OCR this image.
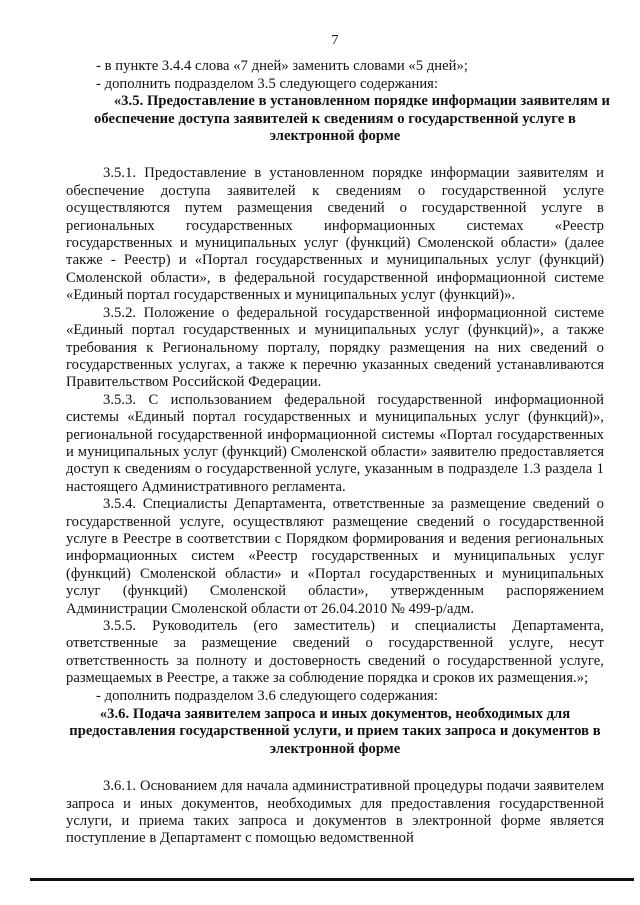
7

- в пункте 3.4.4 слова «7 дней» заменить словами «5 дней»;

- дополнить подразделом 3.5 следующего содержания:

«3.5. Предоставление в установленном порядке информации заявителям и

обеспечение доступа заявителей к сведениям о государственной услуге в

электронной форме

3.5.1. Предоставление в установленном порядке информации заявителям и обеспечение доступа заявителей к сведениям о государственной услуге осуществляются путем размещения сведений о государственной услуге в региональных государственных информационных системах «Реестр государственных и муниципальных услуг (функций) Смоленской области» (далее также - Реестр) и «Портал государственных и муниципальных услуг (функций) Смоленской области», в федеральной государственной информационной системе «Единый портал государственных и муниципальных услуг (функций)».

3.5.2. Положение о федеральной государственной информационной системе «Единый портал государственных и муниципальных услуг (функций)», а также требования к Региональному порталу, порядку размещения на них сведений о государственных услугах, а также к перечню указанных сведений устанавливаются Правительством Российской Федерации.

3.5.3. С использованием федеральной государственной информационной системы «Единый портал государственных и муниципальных услуг (функций)», региональной государственной информационной системы «Портал государственных и муниципальных услуг (функций) Смоленской области» заявителю предоставляется доступ к сведениям о государственной услуге, указанным в подразделе 1.3 раздела 1 настоящего Административного регламента.

3.5.4. Специалисты Департамента, ответственные за размещение сведений о государственной услуге, осуществляют размещение сведений о государственной услуге в Реестре в соответствии с Порядком формирования и ведения региональных информационных систем «Реестр государственных и муниципальных услуг (функций) Смоленской области» и «Портал государственных и муниципальных услуг (функций) Смоленской области», утвержденным распоряжением Администрации Смоленской области от 26.04.2010 № 499-р/адм.

3.5.5. Руководитель (его заместитель) и специалисты Департамента, ответственные за размещение сведений о государственной услуге, несут ответственность за полноту и достоверность сведений о государственной услуге, размещаемых в Реестре, а также за соблюдение порядка и сроков их размещения.»;

- дополнить подразделом 3.6 следующего содержания:

«3.6. Подача заявителем запроса и иных документов, необходимых для

предоставления государственной услуги, и прием таких запроса и документов в

электронной форме

3.6.1. Основанием для начала административной процедуры подачи заявителем запроса и иных документов, необходимых для предоставления государственной услуги, и приема таких запроса и документов в электронной форме является поступление в Департамент с помощью ведомственной
